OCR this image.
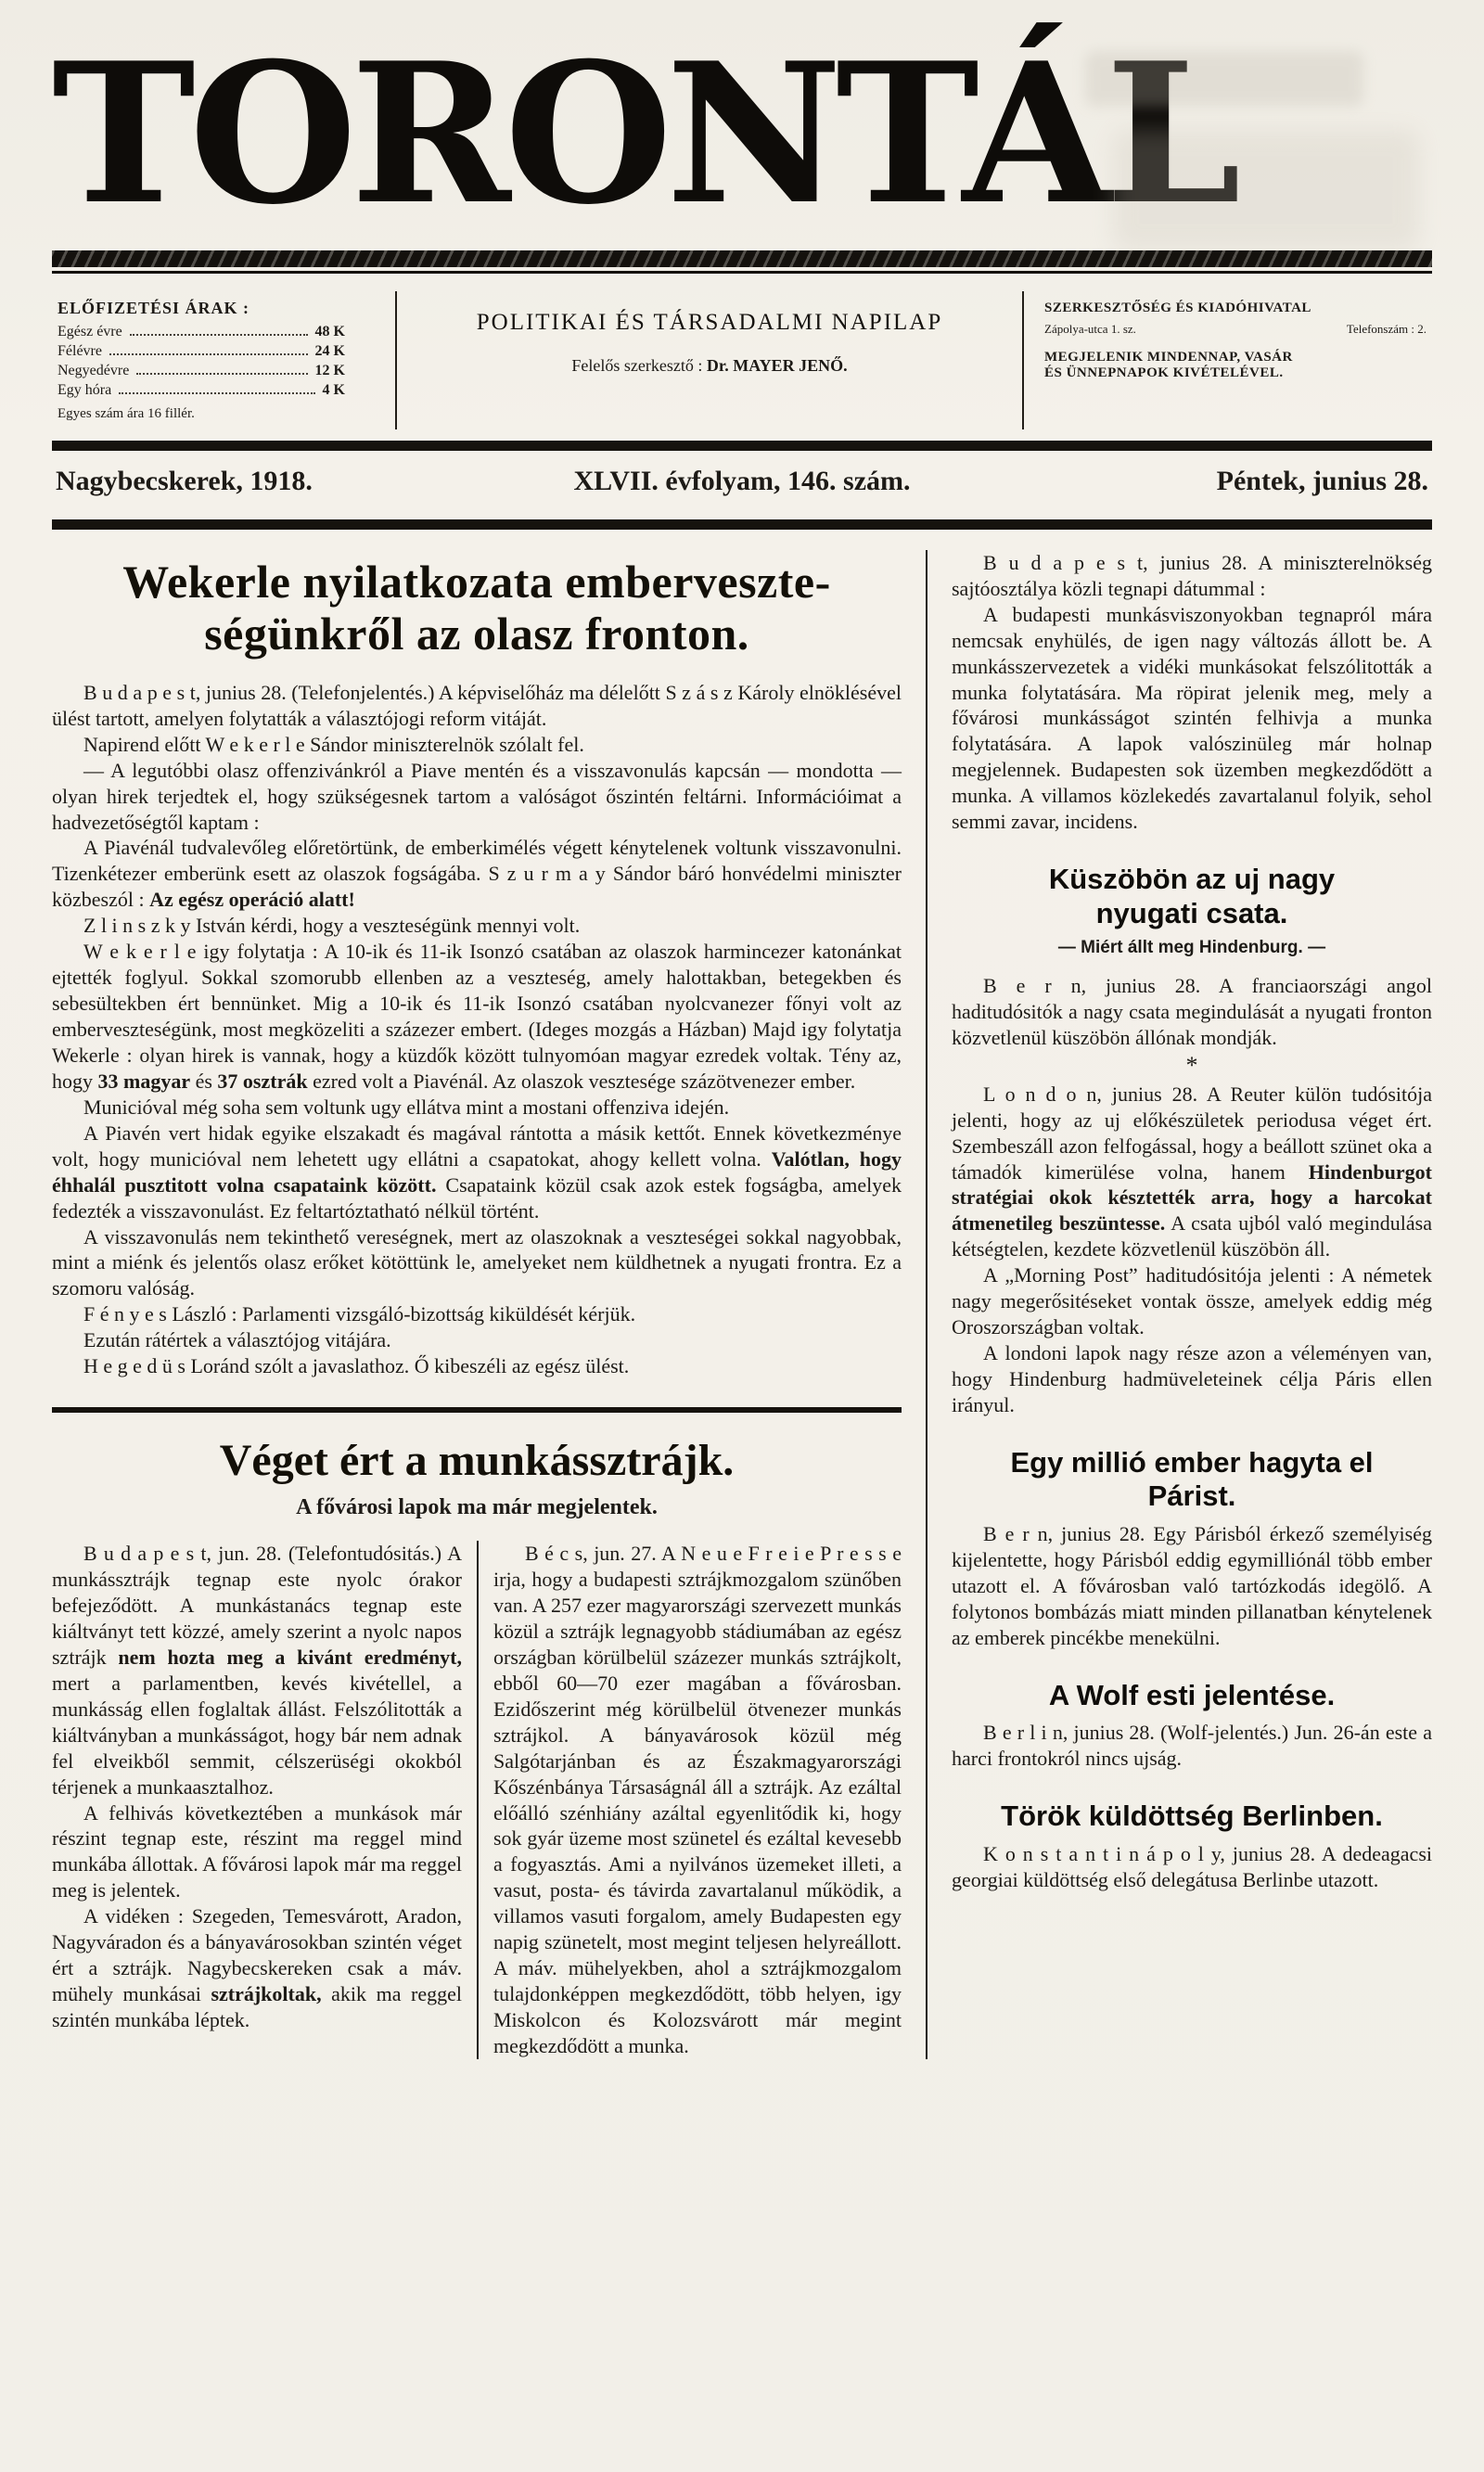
TORONTÁL
ELŐFIZETÉSI ÁRAK :
Egész évre	48 K
Félévre	24 K
Negyedévre	12 K
Egy hóra	4 K
Egyes szám ára 16 fillér.
POLITIKAI ÉS TÁRSADALMI NAPILAP
Felelős szerkesztő : Dr. MAYER JENŐ.
SZERKESZTŐSÉG ÉS KIADÓHIVATAL
Zápolya-utca 1. sz.	Telefonszám : 2.
MEGJELENIK MINDENNAP, VASÁR
ÉS ÜNNEPNAPOK KIVÉTELÉVEL.
Nagybecskerek, 1918.	XLVII. évfolyam, 146. szám.	Péntek, junius 28.
Wekerle nyilatkozata emberveszte-
ségünkről az olasz fronton.

B u d a p e s t, junius 28. (Telefonjelentés.) A képviselőház ma délelőtt S z á s z Károly elnöklésével ülést tartott, amelyen folytatták a választójogi reform vitáját.

Napirend előtt W e k e r l e Sándor miniszterelnök szólalt fel.

— A legutóbbi olasz offenzivánkról a Piave mentén és a visszavonulás kapcsán — mondotta — olyan hirek terjedtek el, hogy szükségesnek tartom a valóságot őszintén feltárni. Információimat a hadvezetőségtől kaptam :

A Piavénál tudvalevőleg előretörtünk, de emberkimélés végett kénytelenek voltunk visszavonulni. Tizenkétezer emberünk esett az olaszok fogságába. S z u r m a y Sándor báró honvédelmi miniszter közbeszól : Az egész operáció alatt!

Z l i n s z k y István kérdi, hogy a veszteségünk mennyi volt.

W e k e r l e igy folytatja : A 10-ik és 11-ik Isonzó csatában az olaszok harmincezer katonánkat ejtették foglyul. Sokkal szomorubb ellenben az a veszteség, amely halottakban, betegekben és sebesültekben ért bennünket. Mig a 10-ik és 11-ik Isonzó csatában nyolcvanezer főnyi volt az emberveszteségünk, most megközeliti a százezer embert. (Ideges mozgás a Házban) Majd igy folytatja Wekerle : olyan hirek is vannak, hogy a küzdők között tulnyomóan magyar ezredek voltak. Tény az, hogy 33 magyar és 37 osztrák ezred volt a Piavénál. Az olaszok vesztesége százötvenezer ember.

Municióval még soha sem voltunk ugy ellátva mint a mostani offenziva idején.

A Piavén vert hidak egyike elszakadt és magával rántotta a másik kettőt. Ennek következménye volt, hogy municióval nem lehetett ugy ellátni a csapatokat, ahogy kellett volna. Valótlan, hogy éhhalál pusztitott volna csapataink között. Csapataink közül csak azok estek fogságba, amelyek fedezték a visszavonulást. Ez feltartóztatható nélkül történt.

A visszavonulás nem tekinthető vereségnek, mert az olaszoknak a veszteségei sokkal nagyobbak, mint a miénk és jelentős olasz erőket kötöttünk le, amelyeket nem küldhetnek a nyugati frontra. Ez a szomoru valóság.

F é n y e s László : Parlamenti vizsgáló-bizottság kiküldését kérjük.

Ezután rátértek a választójog vitájára.

H e g e d ü s Loránd szólt a javaslathoz. Ő kibeszéli az egész ülést.

Véget ért a munkássztrájk.
A fővárosi lapok ma már megjelentek.

B u d a p e s t, jun. 28. (Telefontudósitás.) A munkássztrájk tegnap este nyolc órakor befejeződött. A munkástanács tegnap este kiáltványt tett közzé, amely szerint a nyolc napos sztrájk nem hozta meg a kivánt eredményt, mert a parlamentben, kevés kivétellel, a munkásság ellen foglaltak állást. Felszólitották a kiáltványban a munkásságot, hogy bár nem adnak fel elveikből semmit, célszerüségi okokból térjenek a munkaasztalhoz.

A felhivás következtében a munkások már részint tegnap este, részint ma reggel mind munkába állottak. A fővárosi lapok már ma reggel meg is jelentek.

A vidéken : Szegeden, Temesvárott, Aradon, Nagyváradon és a bányavárosokban szintén véget ért a sztrájk. Nagybecskereken csak a máv. mühely munkásai sztrájkoltak, akik ma reggel szintén munkába léptek.

B é c s, jun. 27. A N e u e F r e i e P r e s s e irja, hogy a budapesti sztrájkmozgalom szünőben van. A 257 ezer magyarországi szervezett munkás közül a sztrájk legnagyobb stádiumában az egész országban körülbelül százezer munkás sztrájkolt, ebből 60—70 ezer magában a fővárosban. Ezidőszerint még körülbelül ötvenezer munkás sztrájkol. A bányavárosok közül még Salgótarjánban és az Északmagyarországi Kőszénbánya Társaságnál áll a sztrájk. Az ezáltal előálló szénhiány azáltal egyenlitődik ki, hogy sok gyár üzeme most szünetel és ezáltal kevesebb a fogyasztás. Ami a nyilvános üzemeket illeti, a vasut, posta- és távirda zavartalanul működik, a villamos vasuti forgalom, amely Budapesten egy napig szünetelt, most megint teljesen helyreállott. A máv. mühelyekben, ahol a sztrájkmozgalom tulajdonképpen megkezdődött, több helyen, igy Miskolcon és Kolozsvárott már megint megkezdődött a munka.

B u d a p e s t, junius 28. A miniszterelnökség sajtóosztálya közli tegnapi dátummal :

A budapesti munkásviszonyokban tegnapról mára nemcsak enyhülés, de igen nagy változás állott be. A munkásszervezetek a vidéki munkásokat felszólitották a munka folytatására. Ma röpirat jelenik meg, mely a fővárosi munkásságot szintén felhivja a munka folytatására. A lapok valószinüleg már holnap megjelennek. Budapesten sok üzemben megkezdődött a munka. A villamos közlekedés zavartalanul folyik, sehol semmi zavar, incidens.

Küszöbön az uj nagy nyugati csata.
— Miért állt meg Hindenburg. —

B e r n, junius 28. A franciaországi angol haditudósitók a nagy csata megindulását a nyugati fronton közvetlenül küszöbön állónak mondják.

*

L o n d o n, junius 28. A Reuter külön tudósitója jelenti, hogy az uj előkészületek periodusa véget ért. Szembeszáll azon felfogással, hogy a beállott szünet oka a támadók kimerülése volna, hanem Hindenburgot stratégiai okok késztették arra, hogy a harcokat átmenetileg beszüntesse. A csata ujból való megindulása kétségtelen, kezdete közvetlenül küszöbön áll.

A „Morning Post” haditudósitója jelenti : A németek nagy megerősitéseket vontak össze, amelyek eddig még Oroszországban voltak.

A londoni lapok nagy része azon a véleményen van, hogy Hindenburg hadmüveleteinek célja Páris ellen irányul.

Egy millió ember hagyta el Párist.

B e r n, junius 28. Egy Párisból érkező személyiség kijelentette, hogy Párisból eddig egymilliónál több ember utazott el. A fővárosban való tartózkodás idegölő. A folytonos bombázás miatt minden pillanatban kénytelenek az emberek pincékbe menekülni.

A Wolf esti jelentése.

B e r l i n, junius 28. (Wolf-jelentés.) Jun. 26-án este a harci frontokról nincs ujság.

Török küldöttség Berlinben.

K o n s t a n t i n á p o l y, junius 28. A dedeagacsi georgiai küldöttség első delegátusa Berlinbe utazott.
